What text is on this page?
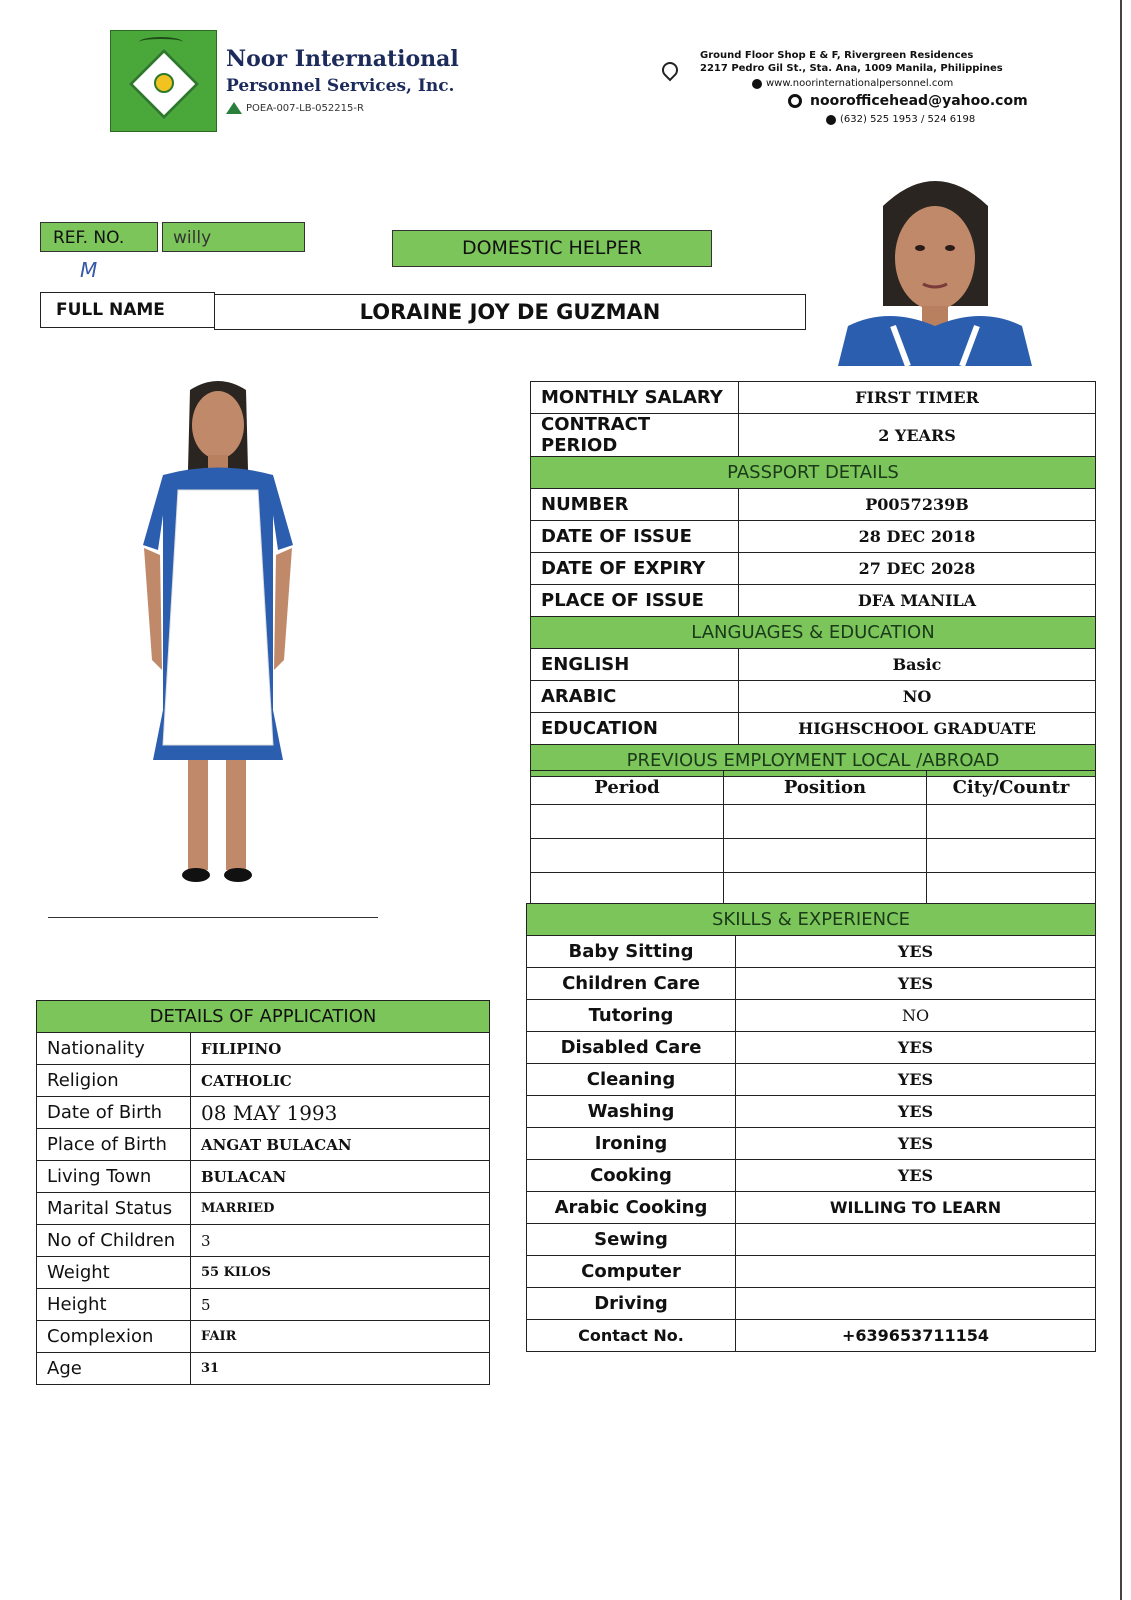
Noor International
Personnel Services, Inc.
POEA-007-LB-052215-R
Ground Floor Shop E & F, Rivergreen Residences
2217 Pedro Gil St., Sta. Ana, 1009 Manila, Philippines
www.noorinternationalpersonnel.com
noorofficehead@yahoo.com
(632) 525 1953 / 524 6198
REF. NO.	willy
M
DOMESTIC HELPER
FULL NAME	LORAINE JOY DE GUZMAN
MONTHLY SALARY	FIRST TIMER
CONTRACT PERIOD	2 YEARS
PASSPORT DETAILS	
NUMBER	P0057239B
DATE OF ISSUE	28 DEC 2018
DATE OF EXPIRY	27 DEC 2028
PLACE OF ISSUE	DFA MANILA
LANGUAGES & EDUCATION	
ENGLISH	Basic
ARABIC	NO
EDUCATION	HIGHSCHOOL GRADUATE
PREVIOUS EMPLOYMENT LOCAL /ABROAD	
Period	Position	City/Countr

SKILLS & EXPERIENCE	
Baby Sitting	YES
Children Care	YES
Tutoring	NO
Disabled Care	YES
Cleaning	YES
Washing	YES
Ironing	YES
Cooking	YES
Arabic Cooking	WILLING TO LEARN
Sewing	
Computer	
Driving	
Contact No.	+639653711154
DETAILS OF APPLICATION	
Nationality	FILIPINO
Religion	CATHOLIC
Date of Birth	08 MAY 1993
Place of Birth	ANGAT BULACAN
Living Town	BULACAN
Marital Status	MARRIED
No of Children	3
Weight	55 KILOS
Height	5
Complexion	FAIR
Age	31
